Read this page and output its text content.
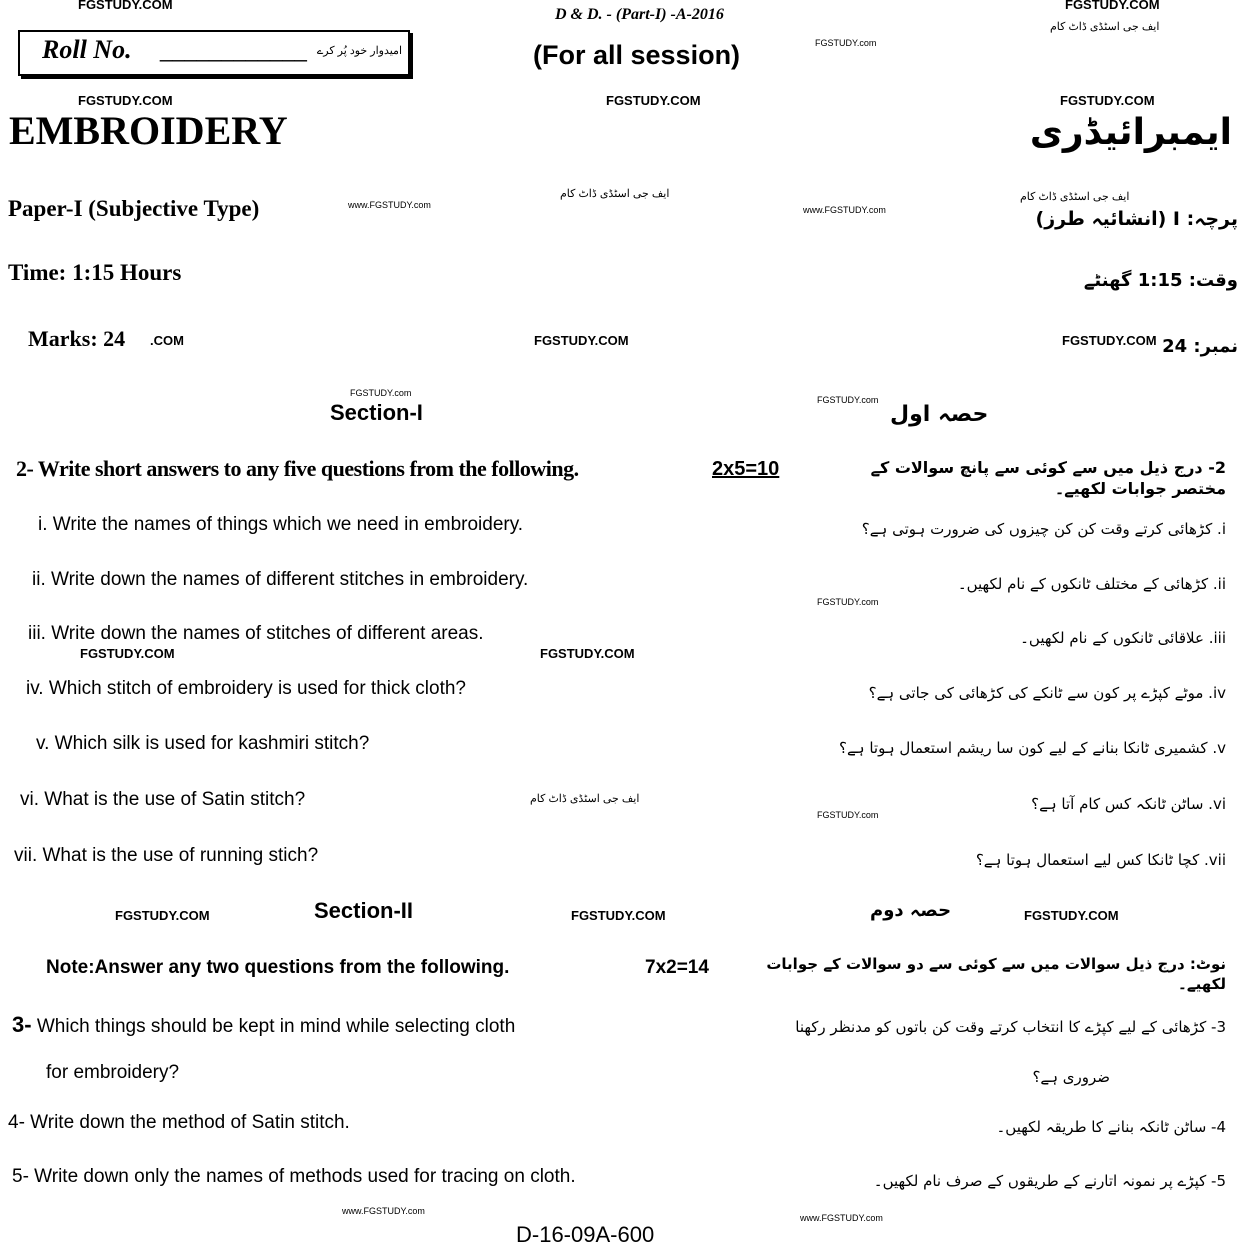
FGSTUDY.COM	FGSTUDY.COM
ایف جی اسٹڈی ڈاٹ کام
FGSTUDY.com
FGSTUDY.COM	FGSTUDY.COM	FGSTUDY.COM
www.FGSTUDY.com	www.FGSTUDY.com
ایف جی اسٹڈی ڈاٹ کام	ایف جی اسٹڈی ڈاٹ کام
FGSTUDY.COM	FGSTUDY.COM
FGSTUDY.com
FGSTUDY.com
FGSTUDY.com
FGSTUDY.COM	FGSTUDY.COM
ایف جی اسٹڈی ڈاٹ کام
FGSTUDY.com
FGSTUDY.COM	FGSTUDY.COM	FGSTUDY.COM
www.FGSTUDY.com
www.FGSTUDY.com
Roll No. ____________ امیدوار خود پُر کرے
D & D. - (Part-I) -A-2016
(For all session)
EMBROIDERY	ایمبرائیڈری
Paper-I (Subjective Type)	پرچہ: I (انشائیہ طرز)
Time: 1:15 Hours	وقت: 1:15 گھنٹے
Marks: 24 .COM	نمبر: 24
Section-I	حصہ اول
2- Write short answers to any five questions from the following.	2x5=10	2- درج ذیل میں سے کوئی سے پانچ سوالات کے مختصر جوابات لکھیے۔
i. Write the names of things which we need in embroidery.	i. کڑھائی کرتے وقت کن کن چیزوں کی ضرورت ہوتی ہے؟
ii. Write down the names of different stitches in embroidery.	ii. کڑھائی کے مختلف ٹانکوں کے نام لکھیں۔
iii. Write down the names of stitches of different areas.	iii. علاقائی ٹانکوں کے نام لکھیں۔
iv. Which stitch of embroidery is used for thick cloth?	iv. موٹے کپڑے پر کون سے ٹانکے کی کڑھائی کی جاتی ہے؟
v. Which silk is used for kashmiri stitch?	v. کشمیری ٹانکا بنانے کے لیے کون سا ریشم استعمال ہوتا ہے؟
vi. What is the use of Satin stitch?	vi. ساٹن ٹانکہ کس کام آتا ہے؟
vii. What is the use of running stich?	vii. کچا ٹانکا کس لیے استعمال ہوتا ہے؟
Section-II	حصہ دوم
Note:Answer any two questions from the following.	7x2=14	نوٹ: درج ذیل سوالات میں سے کوئی سے دو سوالات کے جوابات لکھیے۔
3- Which things should be kept in mind while selecting cloth
for embroidery?
3- کڑھائی کے لیے کپڑے کا انتخاب کرتے وقت کن باتوں کو مدنظر رکھنا
ضروری ہے؟
4- Write down the method of Satin stitch.	4- ساٹن ٹانکہ بنانے کا طریقہ لکھیں۔
5- Write down only the names of methods used for tracing on cloth.	5- کپڑے پر نمونہ اتارنے کے طریقوں کے صرف نام لکھیں۔
D-16-09A-600
